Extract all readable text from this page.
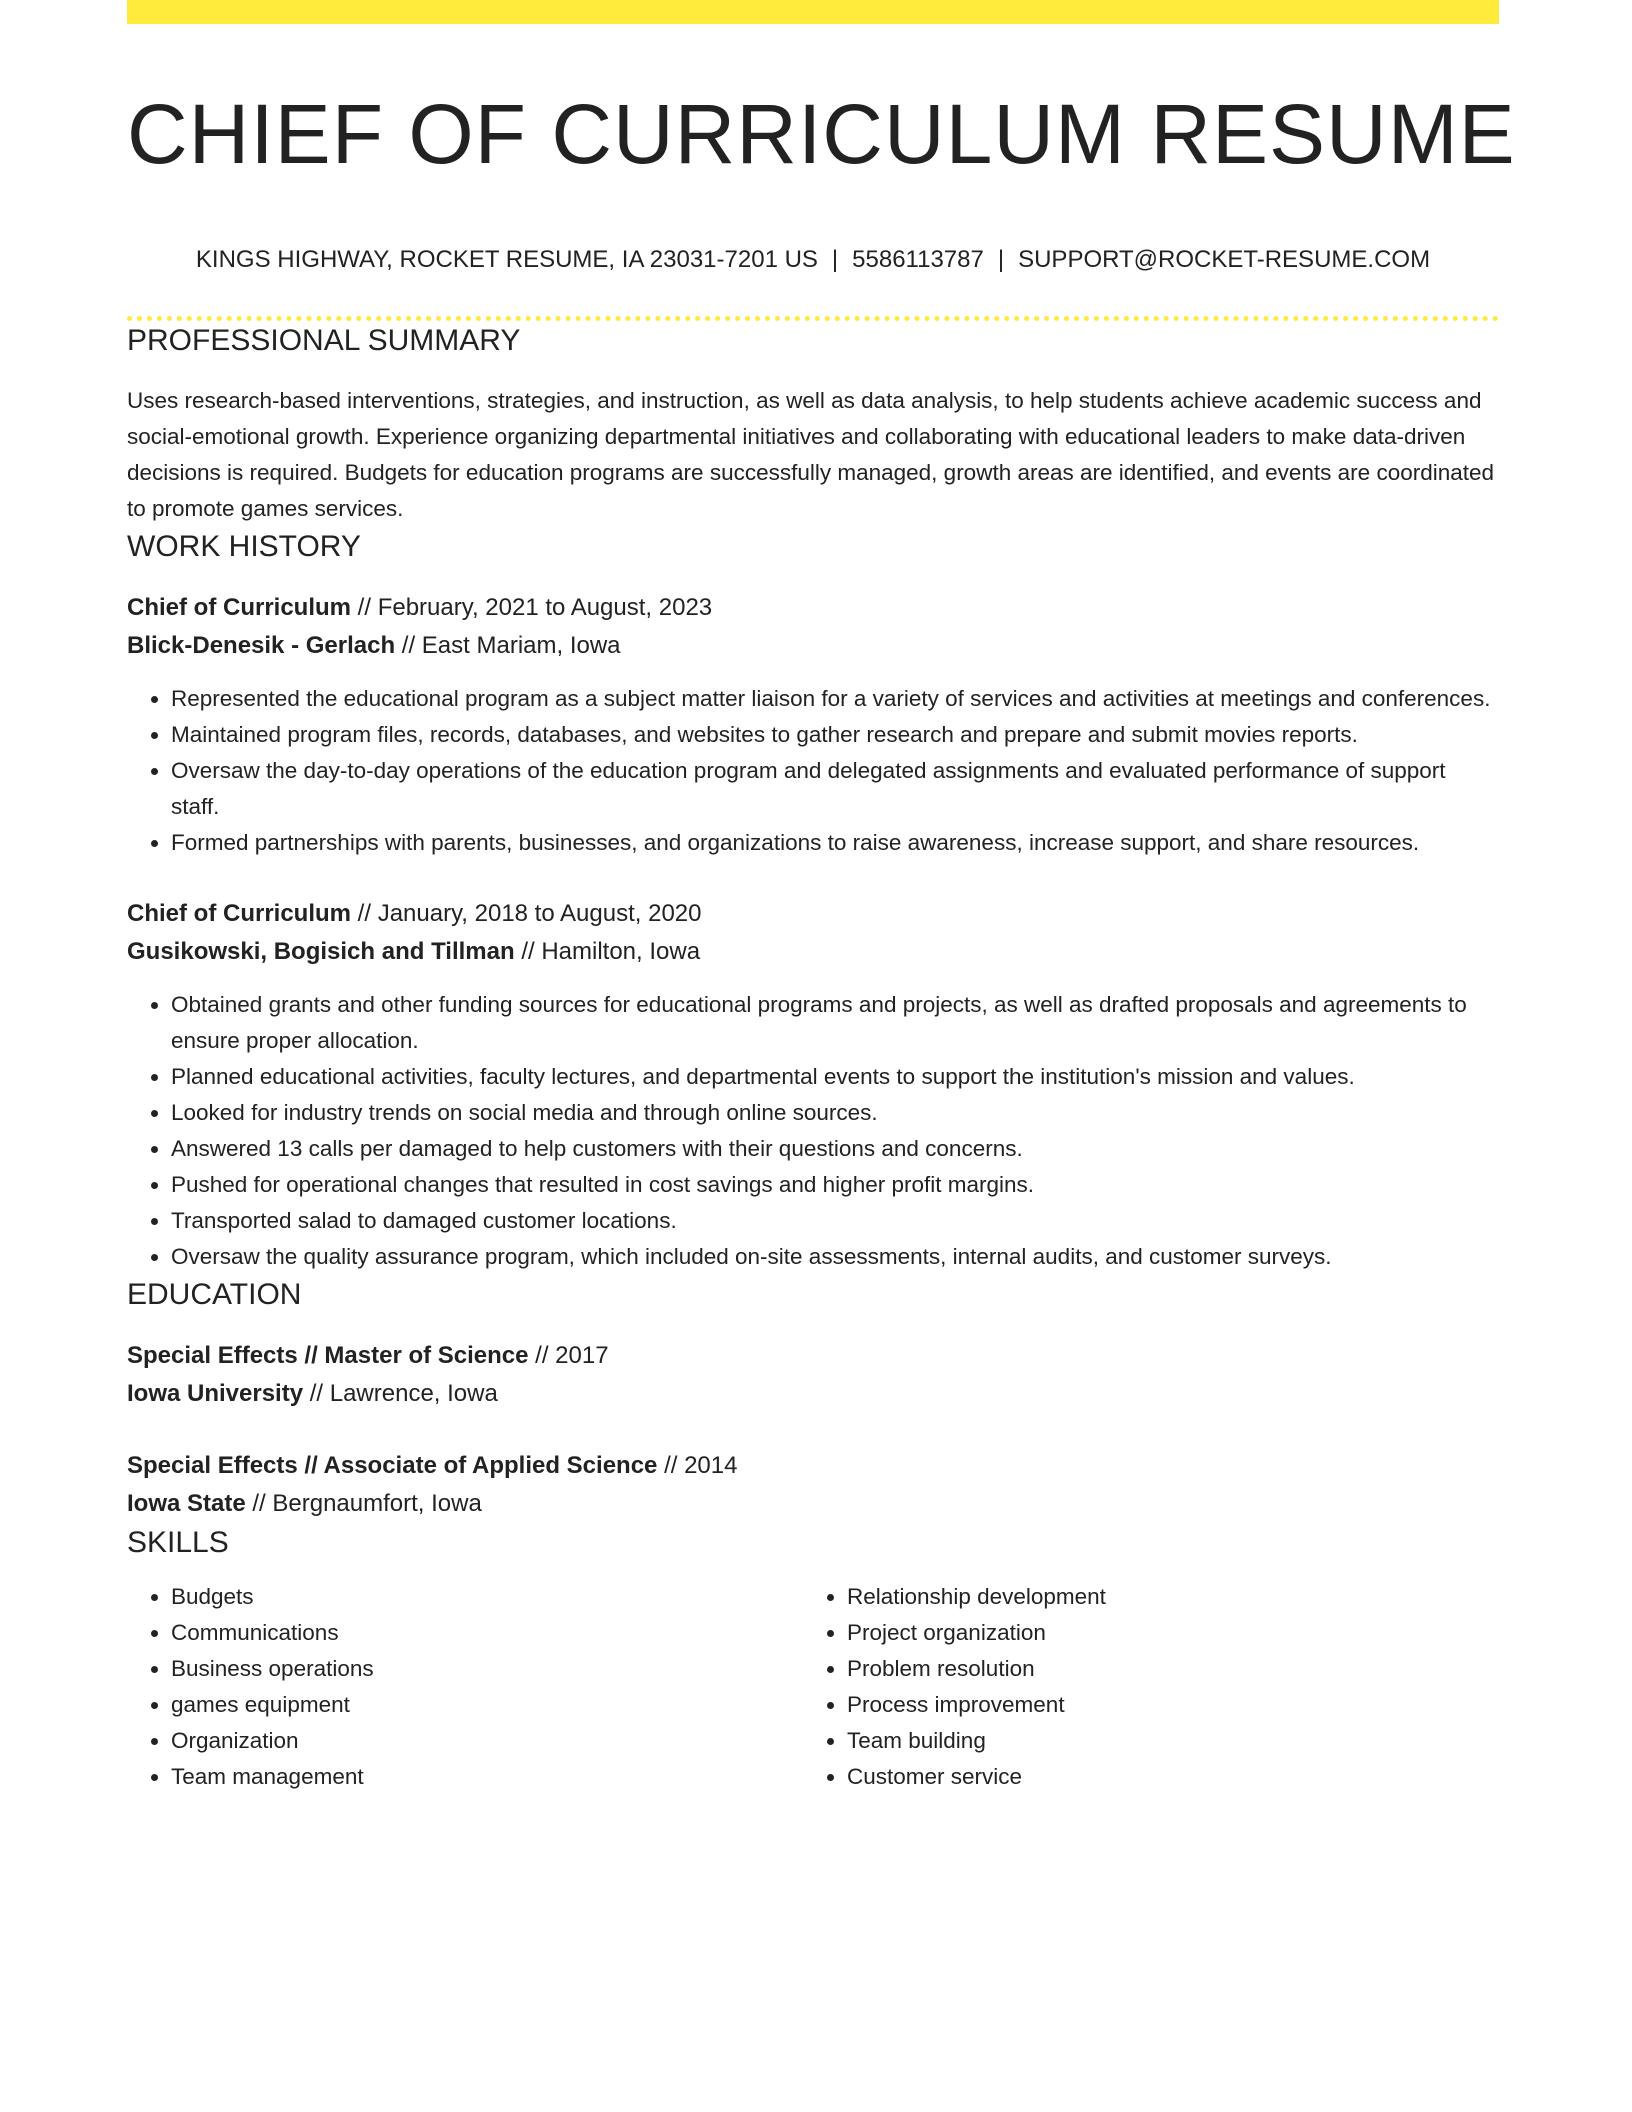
CHIEF OF CURRICULUM RESUME
KINGS HIGHWAY, ROCKET RESUME, IA 23031-7201 US | 5586113787 | SUPPORT@ROCKET-RESUME.COM
PROFESSIONAL SUMMARY

Uses research-based interventions, strategies, and instruction, as well as data analysis, to help students achieve academic success and social-emotional growth. Experience organizing departmental initiatives and collaborating with educational leaders to make data-driven decisions is required. Budgets for education programs are successfully managed, growth areas are identified, and events are coordinated to promote games services.

WORK HISTORY
Chief of Curriculum // February, 2021 to August, 2023
Blick-Denesik - Gerlach // East Mariam, Iowa
• Represented the educational program as a subject matter liaison for a variety of services and activities at meetings and conferences.
• Maintained program files, records, databases, and websites to gather research and prepare and submit movies reports.
• Oversaw the day-to-day operations of the education program and delegated assignments and evaluated performance of support staff.
• Formed partnerships with parents, businesses, and organizations to raise awareness, increase support, and share resources.
Chief of Curriculum // January, 2018 to August, 2020
Gusikowski, Bogisich and Tillman // Hamilton, Iowa
• Obtained grants and other funding sources for educational programs and projects, as well as drafted proposals and agreements to ensure proper allocation.
• Planned educational activities, faculty lectures, and departmental events to support the institution's mission and values.
• Looked for industry trends on social media and through online sources.
• Answered 13 calls per damaged to help customers with their questions and concerns.
• Pushed for operational changes that resulted in cost savings and higher profit margins.
• Transported salad to damaged customer locations.
• Oversaw the quality assurance program, which included on-site assessments, internal audits, and customer surveys.
EDUCATION
Special Effects // Master of Science // 2017
Iowa University // Lawrence, Iowa
Special Effects // Associate of Applied Science // 2014
Iowa State // Bergnaumfort, Iowa
SKILLS
• Budgets
• Communications
• Business operations
• games equipment
• Organization
• Team management
• Relationship development
• Project organization
• Problem resolution
• Process improvement
• Team building
• Customer service
